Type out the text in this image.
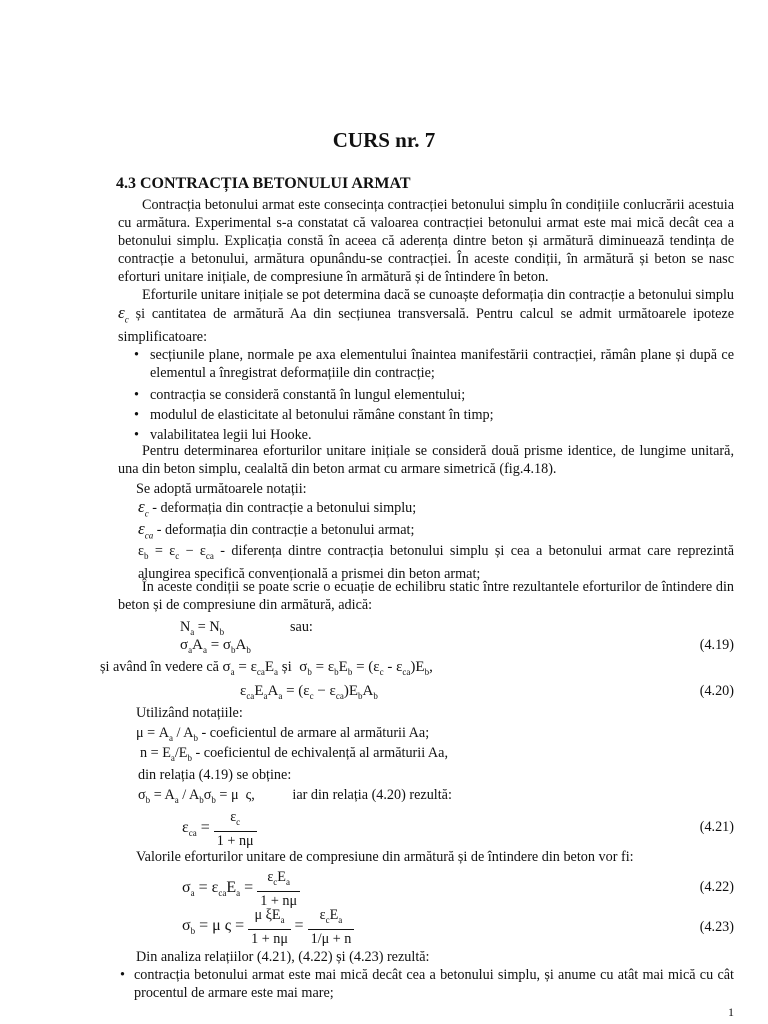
CURS nr. 7
4.3 CONTRACȚIA BETONULUI ARMAT
Contracția betonului armat este consecința contracției betonului simplu în condițiile conlucrării acestuia cu armătura. Experimental s-a constatat că valoarea contracției betonului armat este mai mică decât cea a betonului simplu. Explicația constă în aceea că aderența dintre beton și armătură diminuează tendința de contracție a betonului, armătura opunându-se contracției. În aceste condiții, în armătură și beton se nasc eforturi unitare inițiale, de compresiune în armătură și de întindere în beton.
Eforturile unitare inițiale se pot determina dacă se cunoaște deformația din contracție a betonului simplu $\varepsilon_c$ și cantitatea de armătură Aa din secțiunea transversală. Pentru calcul se admit următoarele ipoteze simplificatoare:
• secțiunile plane, normale pe axa elementului înaintea manifestării contracției, rămân plane și după ce elementul a înregistrat deformațiile din contracție;
• contracția se consideră constantă în lungul elementului;
• modulul de elasticitate al betonului rămâne constant în timp;
• valabilitatea legii lui Hooke.
Pentru determinarea eforturilor unitare inițiale se consideră două prisme identice, de lungime unitară, una din beton simplu, cealaltă din beton armat cu armare simetrică (fig.4.18).
Se adoptă următoarele notații:
$\varepsilon_c$ - deformația din contracție a betonului simplu;
$\varepsilon_{ca}$ - deformația din contracție a betonului armat;
$\varepsilon_b = \varepsilon_c - \varepsilon_{ca}$ - diferența dintre contracția betonului simplu și cea a betonului armat care reprezintă alungirea specifică convențională a prismei din beton armat;
În aceste condiții se poate scrie o ecuație de echilibru static între rezultantele eforturilor de întindere din beton și de compresiune din armătură, adică:
$N_a = N_b$	sau:
$\sigma_aA_a = \sigma_bA_b$	(4.19)
și având în vedere că $\sigma_a = \varepsilon_{ca}E_a$ și  $\sigma_b = \varepsilon_bE_b = (\varepsilon_c - \varepsilon_{ca})E_b$,
$\varepsilon_{ca}E_aA_a = (\varepsilon_c - \varepsilon_{ca})E_bA_b$	(4.20)
Utilizând notațiile:
$\mu = A_a / A_b$ - coeficientul de armare al armăturii Aa;
$n = E_a/E_b$ - coeficientul de echivalență al armăturii Aa,
din relația (4.19) se obține:
$\sigma_b = A_a / A_b\sigma_b = \mu$  ς,	iar din relația (4.20) rezultă:
$\varepsilon_{ca} = \frac{\varepsilon_c}{1 + n\mu}$	(4.21)
Valorile eforturilor unitare de compresiune din armătură și de întindere din beton vor fi:
$\sigma_a = \varepsilon_{ca}E_a = \frac{\varepsilon_cE_a}{1 + n\mu}$	(4.22)
$\sigma_b = \mu$ $\varsigma = \frac{\mu \xi E_a}{1 + n\mu} = \frac{\varepsilon_cE_a}{1/\mu + n}$	(4.23)
Din analiza relațiilor (4.21), (4.22) și (4.23) rezultă:
• contracția betonului armat este mai mică decât cea a betonului simplu, și anume cu atât mai mică cu cât procentul de armare este mai mare;
1
